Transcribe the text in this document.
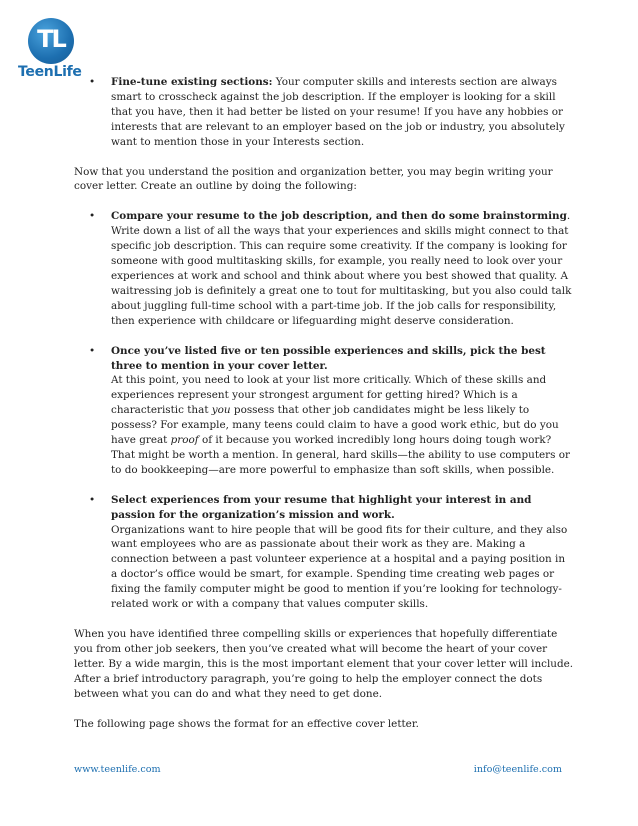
TL
TeenLife
• Fine-tune existing sections: Your computer skills and interests section are always smart to crosscheck against the job description. If the employer is looking for a skill that you have, then it had better be listed on your resume! If you have any hobbies or interests that are relevant to an employer based on the job or industry, you absolutely want to mention those in your Interests section.

Now that you understand the position and organization better, you may begin writing your cover letter. Create an outline by doing the following:

• Compare your resume to the job description, and then do some brainstorming.
Write down a list of all the ways that your experiences and skills might connect to that specific job description. This can require some creativity. If the company is looking for someone with good multitasking skills, for example, you really need to look over your experiences at work and school and think about where you best showed that quality. A waitressing job is definitely a great one to tout for multitasking, but you also could talk about juggling full-time school with a part-time job. If the job calls for responsibility, then experience with childcare or lifeguarding might deserve consideration.
• Once you’ve listed five or ten possible experiences and skills, pick the best three to mention in your cover letter.
At this point, you need to look at your list more critically. Which of these skills and experiences represent your strongest argument for getting hired? Which is a characteristic that you possess that other job candidates might be less likely to possess? For example, many teens could claim to have a good work ethic, but do you have great proof of it because you worked incredibly long hours doing tough work? That might be worth a mention. In general, hard skills—the ability to use computers or to do bookkeeping—are more powerful to emphasize than soft skills, when possible.
• Select experiences from your resume that highlight your interest in and passion for the organization’s mission and work.
Organizations want to hire people that will be good fits for their culture, and they also want employees who are as passionate about their work as they are. Making a connection between a past volunteer experience at a hospital and a paying position in a doctor’s office would be smart, for example. Spending time creating web pages or fixing the family computer might be good to mention if you’re looking for technology-related work or with a company that values computer skills.

When you have identified three compelling skills or experiences that hopefully differentiate you from other job seekers, then you’ve created what will become the heart of your cover letter. By a wide margin, this is the most important element that your cover letter will include. After a brief introductory paragraph, you’re going to help the employer connect the dots between what you can do and what they need to get done.

The following page shows the format for an effective cover letter.

www.teenlife.com	info@teenlife.com
